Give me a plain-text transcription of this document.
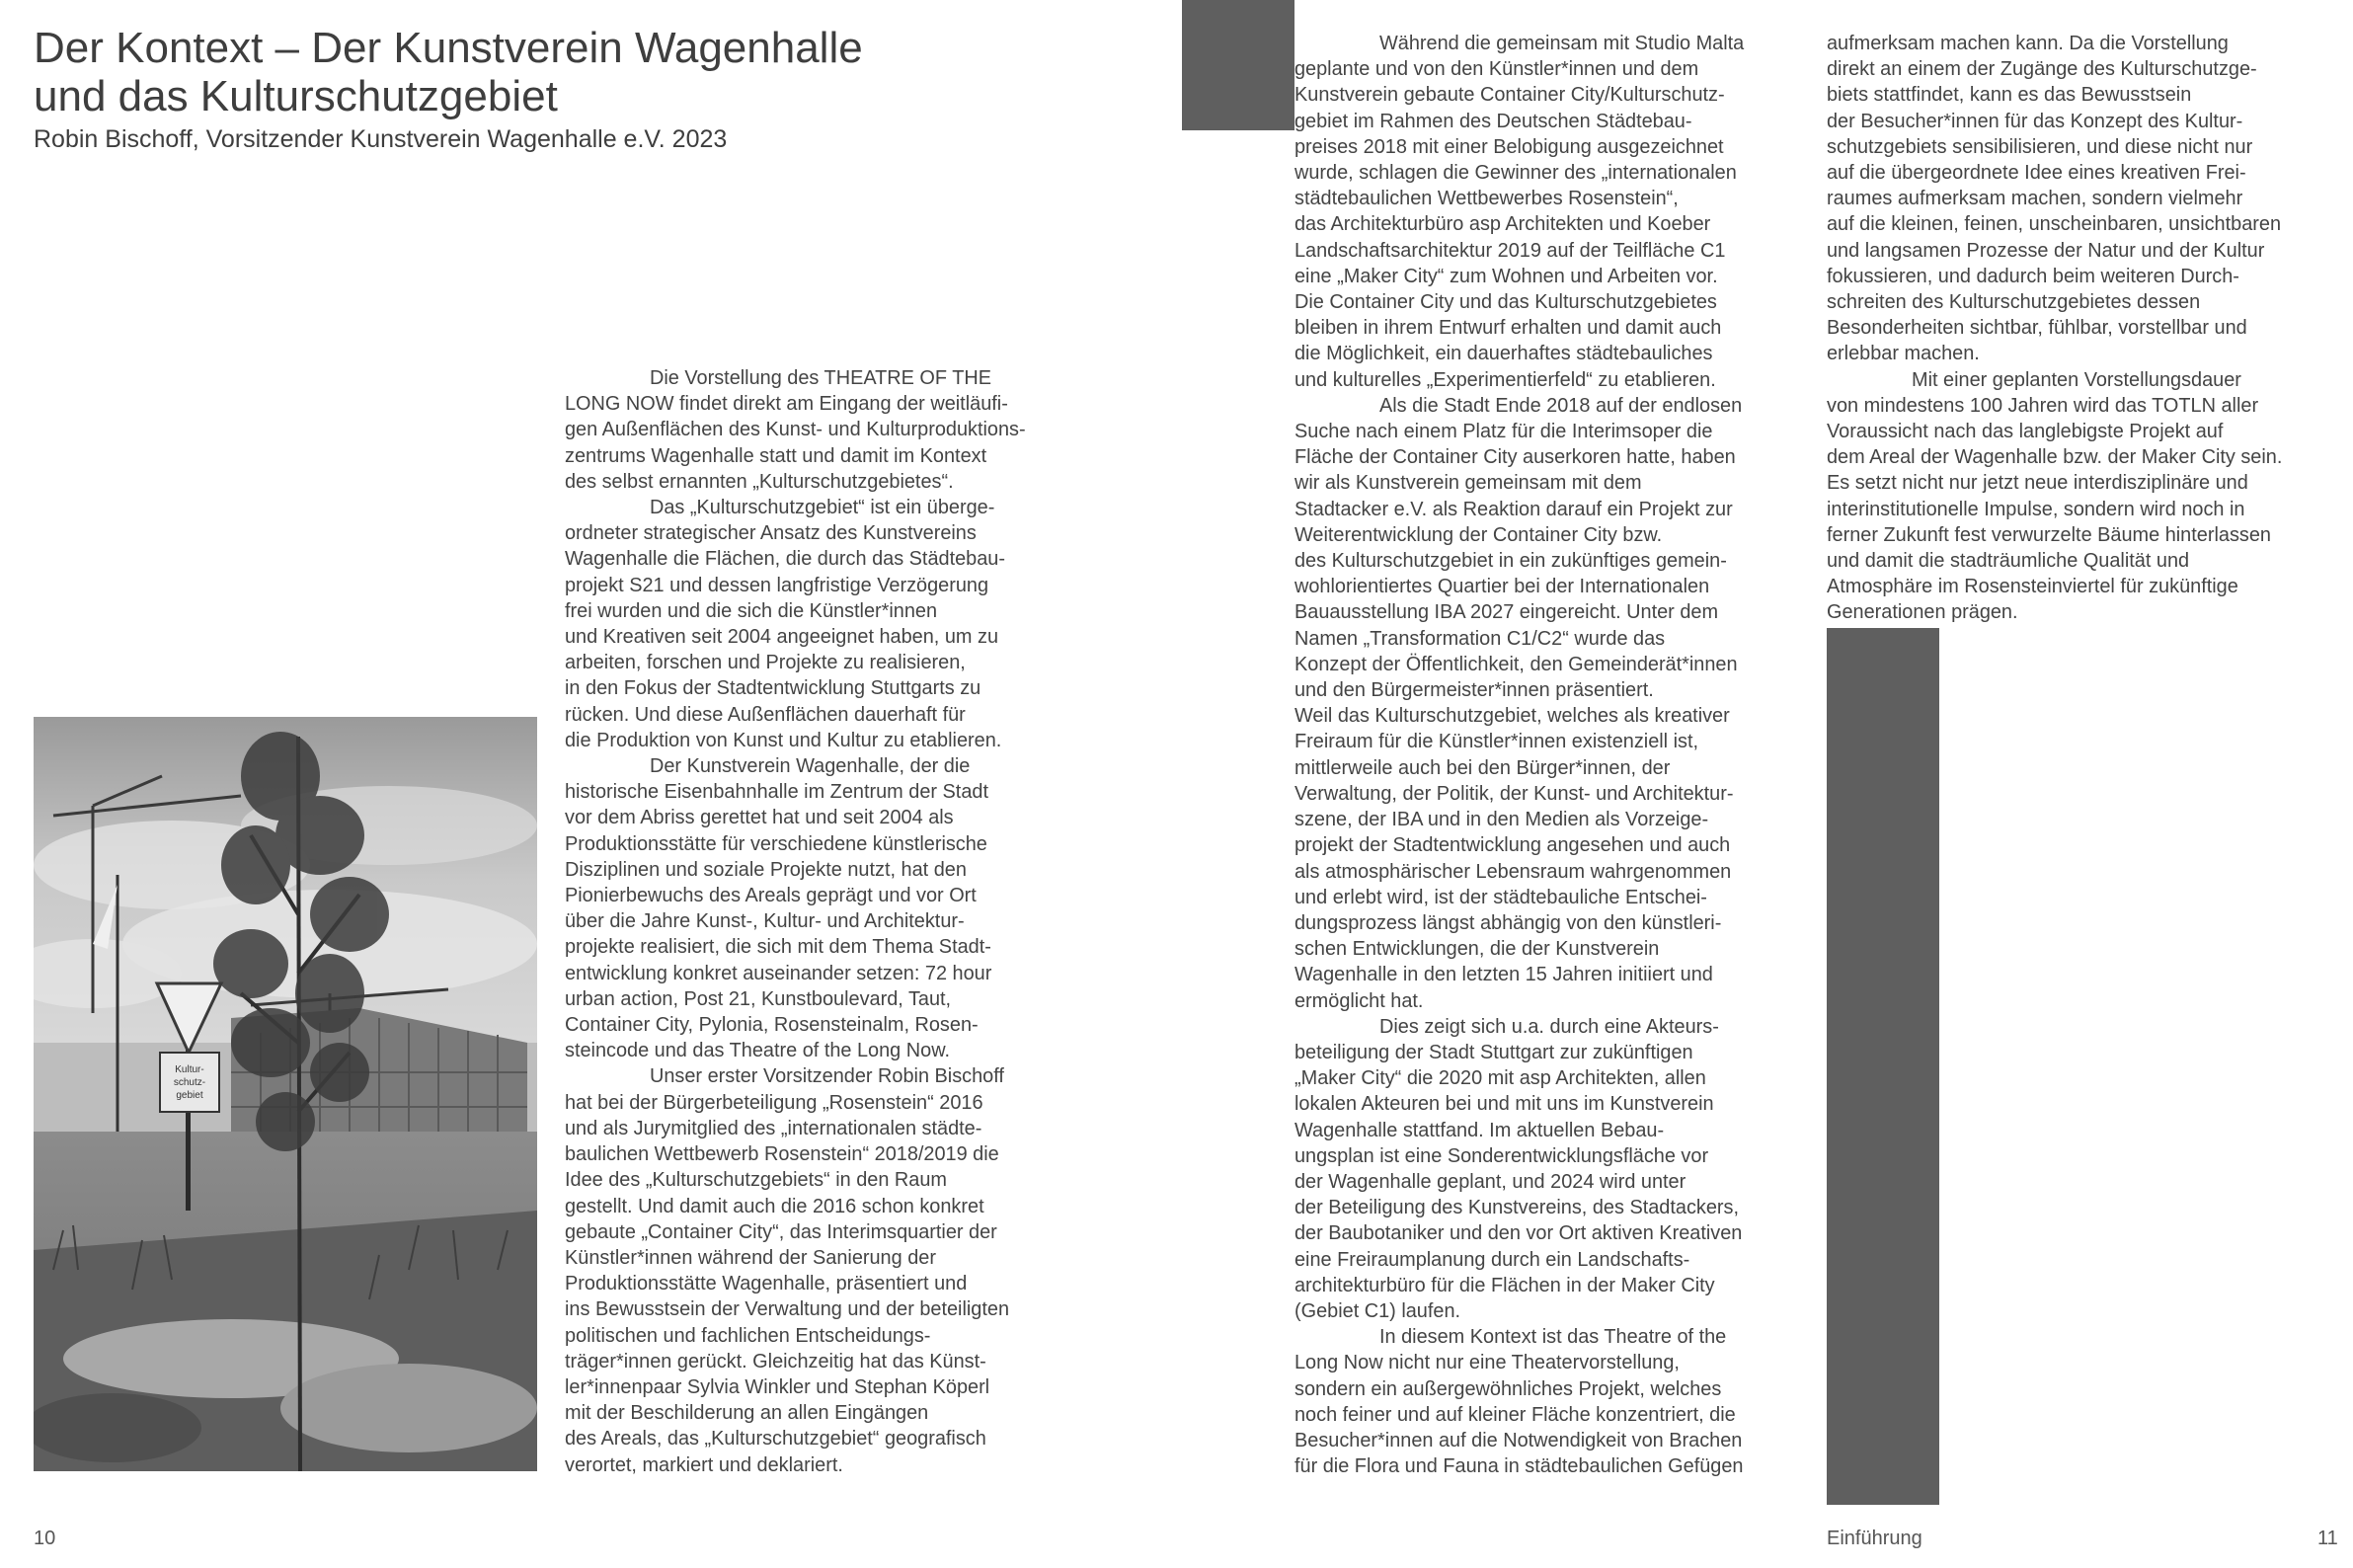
Der Kontext – Der Kunstverein Wagenhalle
und das Kulturschutzgebiet
Robin Bischoff, Vorsitzender Kunstverein Wagenhalle e.V. 2023

Die Vorstellung des THEATRE OF THE
LONG NOW findet direkt am Eingang der weitläufi-
gen Außenflächen des Kunst- und Kulturproduktions-
zentrums Wagenhalle statt und damit im Kontext
des selbst ernannten „Kulturschutzgebietes“.

Das „Kulturschutzgebiet“ ist ein überge-
ordneter strategischer Ansatz des Kunstvereins
Wagenhalle die Flächen, die durch das Städtebau-
projekt S21 und dessen langfristige Verzögerung
frei wurden und die sich die Künstler*innen
und Kreativen seit 2004 angeeignet haben, um zu
arbeiten, forschen und Projekte zu realisieren,
in den Fokus der Stadtentwicklung Stuttgarts zu
rücken. Und diese Außenflächen dauerhaft für
die Produktion von Kunst und Kultur zu etablieren.

Der Kunstverein Wagenhalle, der die
historische Eisenbahnhalle im Zentrum der Stadt
vor dem Abriss gerettet hat und seit 2004 als
Produktionsstätte für verschiedene künstlerische
Disziplinen und soziale Projekte nutzt, hat den
Pionierbewuchs des Areals geprägt und vor Ort
über die Jahre Kunst-, Kultur- und Architektur-
projekte realisiert, die sich mit dem Thema Stadt-
entwicklung konkret auseinander setzen: 72 hour
urban action, Post 21, Kunstboulevard, Taut,
Container City, Pylonia, Rosensteinalm, Rosen-
steincode und das Theatre of the Long Now.

Unser erster Vorsitzender Robin Bischoff
hat bei der Bürgerbeteiligung „Rosenstein“ 2016
und als Jurymitglied des „internationalen städte-
baulichen Wettbewerb Rosenstein“ 2018/2019 die
Idee des „Kulturschutzgebiets“ in den Raum
gestellt. Und damit auch die 2016 schon konkret
gebaute „Container City“, das Interimsquartier der
Künstler*innen während der Sanierung der
Produktionsstätte Wagenhalle, präsentiert und
ins Bewusstsein der Verwaltung und der beteiligten
politischen und fachlichen Entscheidungs-
träger*innen gerückt. Gleichzeitig hat das Künst-
ler*innenpaar Sylvia Winkler und Stephan Köperl
mit der Beschilderung an allen Eingängen
des Areals, das „Kulturschutzgebiet“ geografisch
verortet, markiert und deklariert.

Kultur-
schutz-
gebiet
10

Während die gemeinsam mit Studio Malta

geplante und von den Künstler*innen und dem
Kunstverein gebaute Container City/Kulturschutz-
gebiet im Rahmen des Deutschen Städtebau-
preises 2018 mit einer Belobigung ausgezeichnet
wurde, schlagen die Gewinner des „internationalen
städtebaulichen Wettbewerbes Rosenstein“,
das Architekturbüro asp Architekten und Koeber
Landschaftsarchitektur 2019 auf der Teilfläche C1
eine „Maker City“ zum Wohnen und Arbeiten vor.
Die Container City und das Kulturschutzgebietes
bleiben in ihrem Entwurf erhalten und damit auch
die Möglichkeit, ein dauerhaftes städtebauliches
und kulturelles „Experimentierfeld“ zu etablieren.

Als die Stadt Ende 2018 auf der endlosen

Suche nach einem Platz für die Interimsoper die
Fläche der Container City auserkoren hatte, haben
wir als Kunstverein gemeinsam mit dem
Stadtacker e.V. als Reaktion darauf ein Projekt zur
Weiterentwicklung der Container City bzw.
des Kulturschutzgebiet in ein zukünftiges gemein-
wohlorientiertes Quartier bei der Internationalen
Bauausstellung IBA 2027 eingereicht. Unter dem
Namen „Transformation C1/C2“ wurde das
Konzept der Öffentlichkeit, den Gemeinderät*innen
und den Bürgermeister*innen präsentiert.
Weil das Kulturschutzgebiet, welches als kreativer
Freiraum für die Künstler*innen existenziell ist,
mittlerweile auch bei den Bürger*innen, der
Verwaltung, der Politik, der Kunst- und Architektur-
szene, der IBA und in den Medien als Vorzeige-
projekt der Stadtentwicklung angesehen und auch
als atmosphärischer Lebensraum wahrgenommen
und erlebt wird, ist der städtebauliche Entschei-
dungsprozess längst abhängig von den künstleri-
schen Entwicklungen, die der Kunstverein
Wagenhalle in den letzten 15 Jahren initiiert und
ermöglicht hat.

Dies zeigt sich u.a. durch eine Akteurs-

beteiligung der Stadt Stuttgart zur zukünftigen
„Maker City“ die 2020 mit asp Architekten, allen
lokalen Akteuren bei und mit uns im Kunstverein
Wagenhalle stattfand. Im aktuellen Bebau-
ungsplan ist eine Sonderentwicklungsfläche vor
der Wagenhalle geplant, und 2024 wird unter
der Beteiligung des Kunstvereins, des Stadtackers,
der Baubotaniker und den vor Ort aktiven Kreativen
eine Freiraumplanung durch ein Landschafts-
architekturbüro für die Flächen in der Maker City
(Gebiet C1) laufen.

In diesem Kontext ist das Theatre of the

Long Now nicht nur eine Theatervorstellung,
sondern ein außergewöhnliches Projekt, welches
noch feiner und auf kleiner Fläche konzentriert, die
Besucher*innen auf die Notwendigkeit von Brachen
für die Flora und Fauna in städtebaulichen Gefügen

aufmerksam machen kann. Da die Vorstellung
direkt an einem der Zugänge des Kulturschutzge-
biets stattfindet, kann es das Bewusstsein
der Besucher*innen für das Konzept des Kultur-
schutzgebiets sensibilisieren, und diese nicht nur
auf die übergeordnete Idee eines kreativen Frei-
raumes aufmerksam machen, sondern vielmehr
auf die kleinen, feinen, unscheinbaren, unsichtbaren
und langsamen Prozesse der Natur und der Kultur
fokussieren, und dadurch beim weiteren Durch-
schreiten des Kulturschutzgebietes dessen
Besonderheiten sichtbar, fühlbar, vorstellbar und
erlebbar machen.

Mit einer geplanten Vorstellungsdauer

von mindestens 100 Jahren wird das TOTLN aller
Voraussicht nach das langlebigste Projekt auf
dem Areal der Wagenhalle bzw. der Maker City sein.
Es setzt nicht nur jetzt neue interdisziplinäre und
interinstitutionelle Impulse, sondern wird noch in
ferner Zukunft fest verwurzelte Bäume hinterlassen
und damit die stadträumliche Qualität und
Atmosphäre im Rosensteinviertel für zukünftige
Generationen prägen.

Einführung	11
